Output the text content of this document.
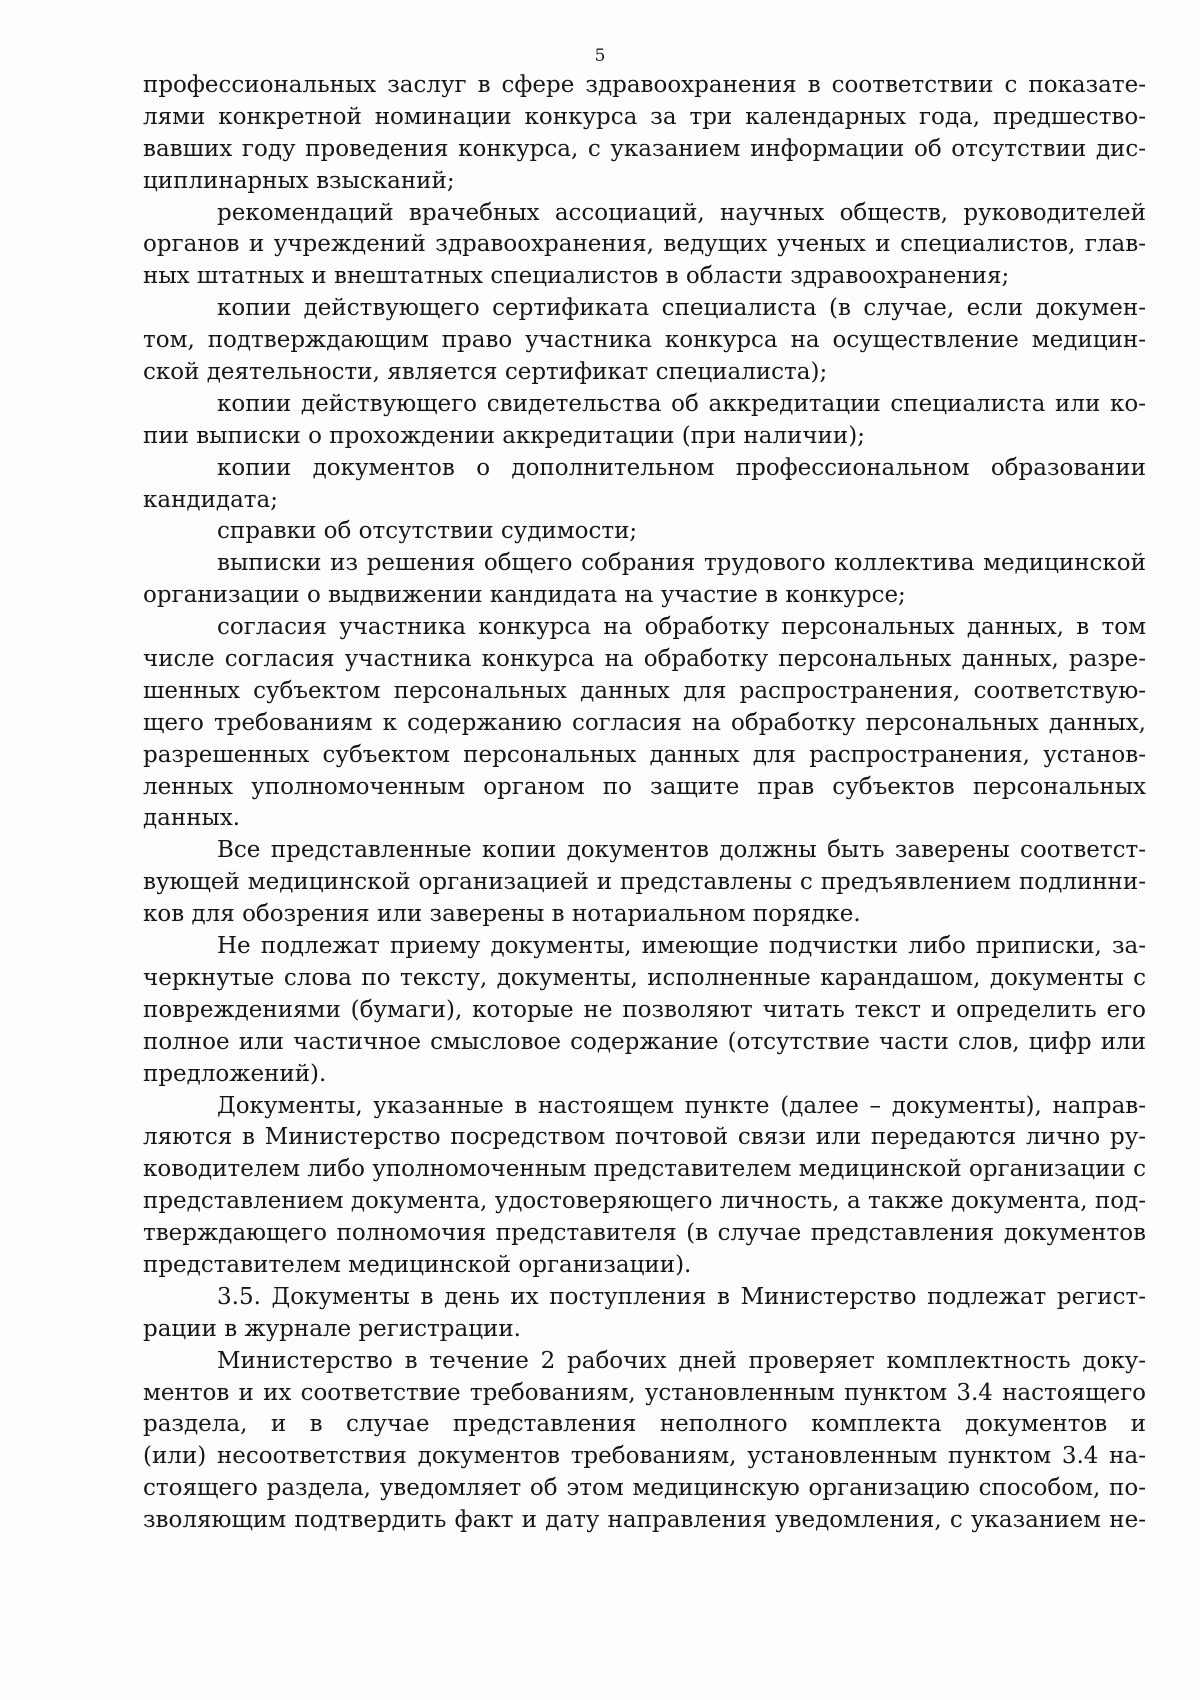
5
профессиональных заслуг в сфере здравоохранения в соответствии с показате-
лями конкретной номинации конкурса за три календарных года, предшество-
вавших году проведения конкурса, с указанием информации об отсутствии дис-
циплинарных взысканий;
рекомендаций врачебных ассоциаций, научных обществ, руководителей
органов и учреждений здравоохранения, ведущих ученых и специалистов, глав-
ных штатных и внештатных специалистов в области здравоохранения;
копии действующего сертификата специалиста (в случае, если докумен-
том, подтверждающим право участника конкурса на осуществление медицин-
ской деятельности, является сертификат специалиста);
копии действующего свидетельства об аккредитации специалиста или ко-
пии выписки о прохождении аккредитации (при наличии);
копии документов о дополнительном профессиональном образовании
кандидата;
справки об отсутствии судимости;
выписки из решения общего собрания трудового коллектива медицинской
организации о выдвижении кандидата на участие в конкурсе;
согласия участника конкурса на обработку персональных данных, в том
числе согласия участника конкурса на обработку персональных данных, разре-
шенных субъектом персональных данных для распространения, соответствую-
щего требованиям к содержанию согласия на обработку персональных данных,
разрешенных субъектом персональных данных для распространения, установ-
ленных уполномоченным органом по защите прав субъектов персональных
данных.
Все представленные копии документов должны быть заверены соответст-
вующей медицинской организацией и представлены с предъявлением подлинни-
ков для обозрения или заверены в нотариальном порядке.
Не подлежат приему документы, имеющие подчистки либо приписки, за-
черкнутые слова по тексту, документы, исполненные карандашом, документы с
повреждениями (бумаги), которые не позволяют читать текст и определить его
полное или частичное смысловое содержание (отсутствие части слов, цифр или
предложений).
Документы, указанные в настоящем пункте (далее – документы), направ-
ляются в Министерство посредством почтовой связи или передаются лично ру-
ководителем либо уполномоченным представителем медицинской организации с
представлением документа, удостоверяющего личность, а также документа, под-
тверждающего полномочия представителя (в случае представления документов
представителем медицинской организации).
3.5. Документы в день их поступления в Министерство подлежат регист-
рации в журнале регистрации.
Министерство в течение 2 рабочих дней проверяет комплектность доку-
ментов и их соответствие требованиям, установленным пунктом 3.4 настоящего
раздела, и в случае представления неполного комплекта документов и
(или) несоответствия документов требованиям, установленным пунктом 3.4 на-
стоящего раздела, уведомляет об этом медицинскую организацию способом, по-
зволяющим подтвердить факт и дату направления уведомления, с указанием не-
